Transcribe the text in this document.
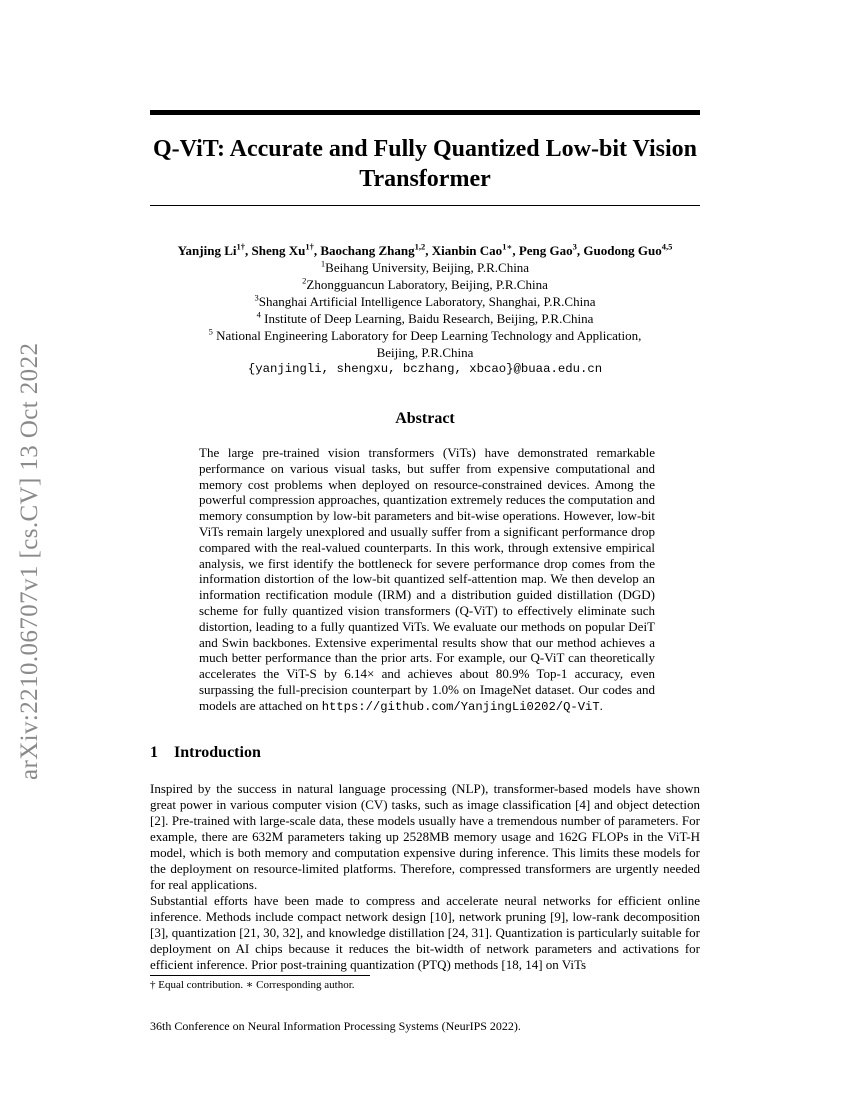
arXiv:2210.06707v1 [cs.CV] 13 Oct 2022
Q-ViT: Accurate and Fully Quantized Low-bit Vision Transformer
Yanjing $Li^{1\dagger}$, Sheng $Xu^{1\dagger}$, Baochang Zhang$^{1,2}$, Xianbin Cao$^{1∗}$, Peng Gao$^3$, Guodong Guo$^{4,5}$
$^1$Beihang University, Beijing, P.R.China
$^2$Zhongguancun Laboratory, Beijing, P.R.China
$^3$Shanghai Artificial Intelligence Laboratory, Shanghai, P.R.China
$^4$ Institute of Deep Learning, Baidu Research, Beijing, P.R.China
$^5$ National Engineering Laboratory for Deep Learning Technology and Application,
Beijing, P.R.China
{yanjingli, shengxu, bczhang, xbcao}@buaa.edu.cn
Abstract
The large pre-trained vision transformers (ViTs) have demonstrated remarkable performance on various visual tasks, but suffer from expensive computational and memory cost problems when deployed on resource-constrained devices. Among the powerful compression approaches, quantization extremely reduces the computation and memory consumption by low-bit parameters and bit-wise operations. However, low-bit ViTs remain largely unexplored and usually suffer from a significant performance drop compared with the real-valued counterparts. In this work, through extensive empirical analysis, we first identify the bottleneck for severe performance drop comes from the information distortion of the low-bit quantized self-attention map. We then develop an information rectification module (IRM) and a distribution guided distillation (DGD) scheme for fully quantized vision transformers (Q-ViT) to effectively eliminate such distortion, leading to a fully quantized ViTs. We evaluate our methods on popular DeiT and Swin backbones. Extensive experimental results show that our method achieves a much better performance than the prior arts. For example, our Q-ViT can theoretically accelerates the ViT-S by 6.14× and achieves about 80.9% Top-1 accuracy, even surpassing the full-precision counterpart by 1.0% on ImageNet dataset. Our codes and models are attached on https://github.com/YanjingLi0202/Q-ViT.
1 Introduction
Inspired by the success in natural language processing (NLP), transformer-based models have shown great power in various computer vision (CV) tasks, such as image classification [4] and object detection [2]. Pre-trained with large-scale data, these models usually have a tremendous number of parameters. For example, there are 632M parameters taking up 2528MB memory usage and 162G FLOPs in the ViT-H model, which is both memory and computation expensive during inference. This limits these models for the deployment on resource-limited platforms. Therefore, compressed transformers are urgently needed for real applications.
Substantial efforts have been made to compress and accelerate neural networks for efficient online inference. Methods include compact network design [10], network pruning [9], low-rank decomposition [3], quantization [21, 30, 32], and knowledge distillation [24, 31]. Quantization is particularly suitable for deployment on AI chips because it reduces the bit-width of network parameters and activations for efficient inference. Prior post-training quantization (PTQ) methods [18, 14] on ViTs
† Equal contribution. ∗ Corresponding author.
36th Conference on Neural Information Processing Systems (NeurIPS 2022).
